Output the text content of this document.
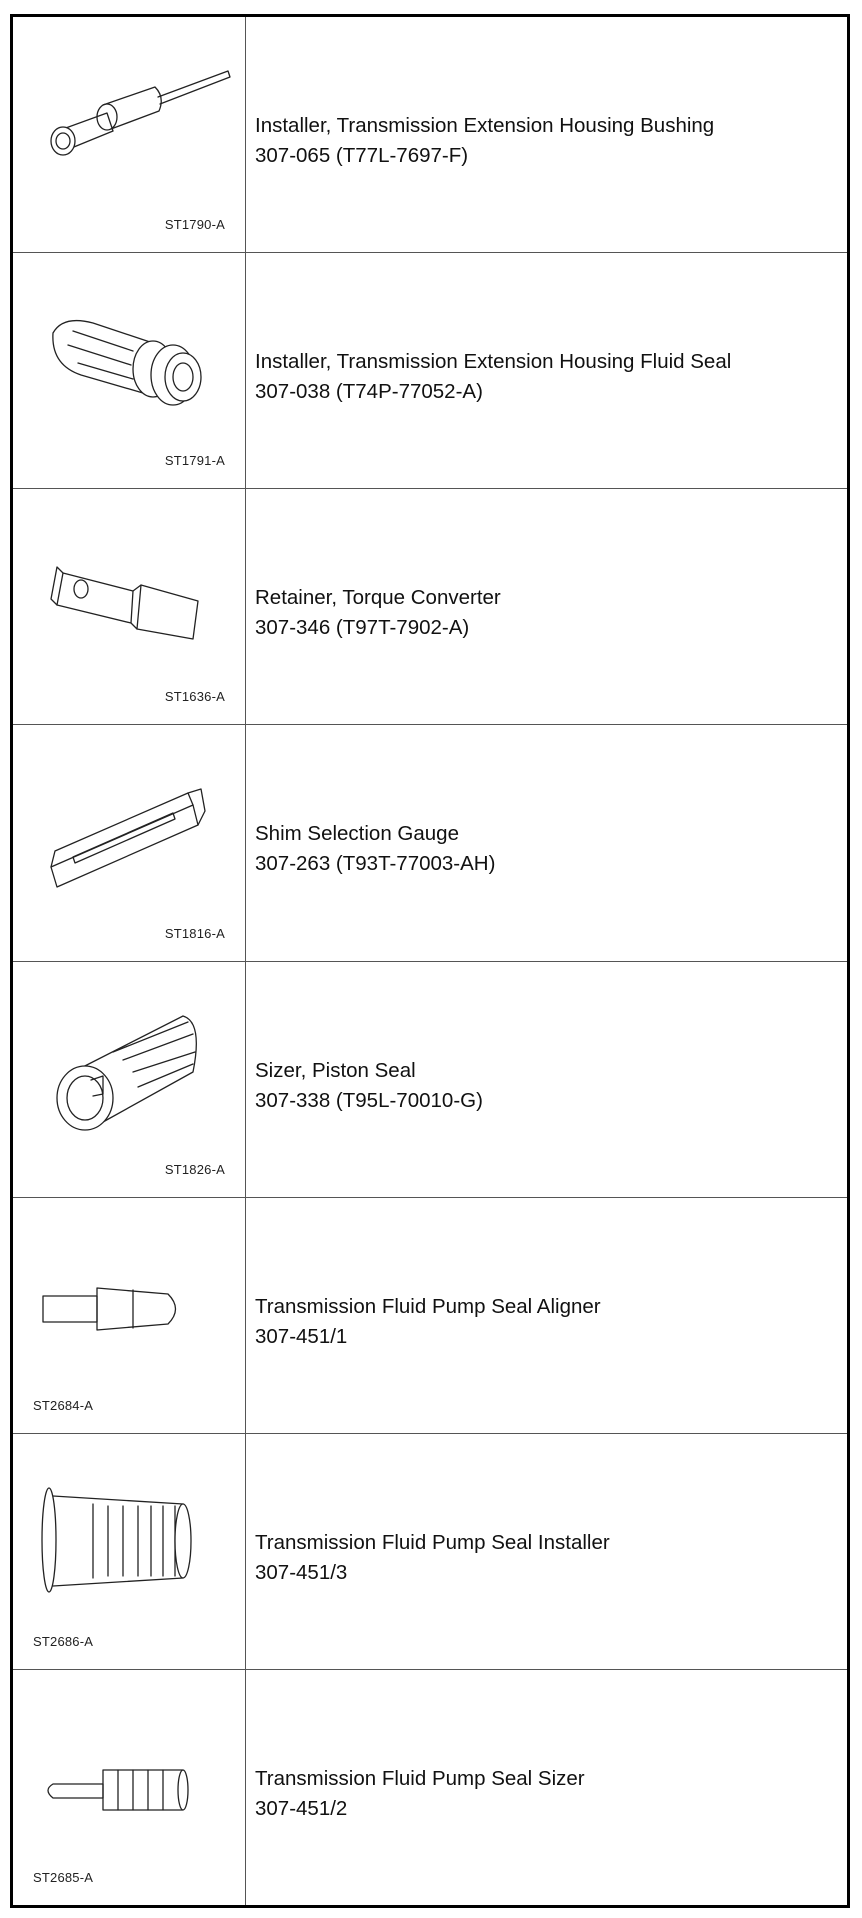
ST1790-A
Installer, Transmission Extension Housing Bushing
307-065 (T77L-7697-F)
ST1791-A
Installer, Transmission Extension Housing Fluid Seal
307-038 (T74P-77052-A)
ST1636-A
Retainer, Torque Converter
307-346 (T97T-7902-A)
ST1816-A
Shim Selection Gauge
307-263 (T93T-77003-AH)
ST1826-A
Sizer, Piston Seal
307-338 (T95L-70010-G)
ST2684-A
Transmission Fluid Pump Seal Aligner
307-451/1
ST2686-A
Transmission Fluid Pump Seal Installer
307-451/3
ST2685-A
Transmission Fluid Pump Seal Sizer
307-451/2
